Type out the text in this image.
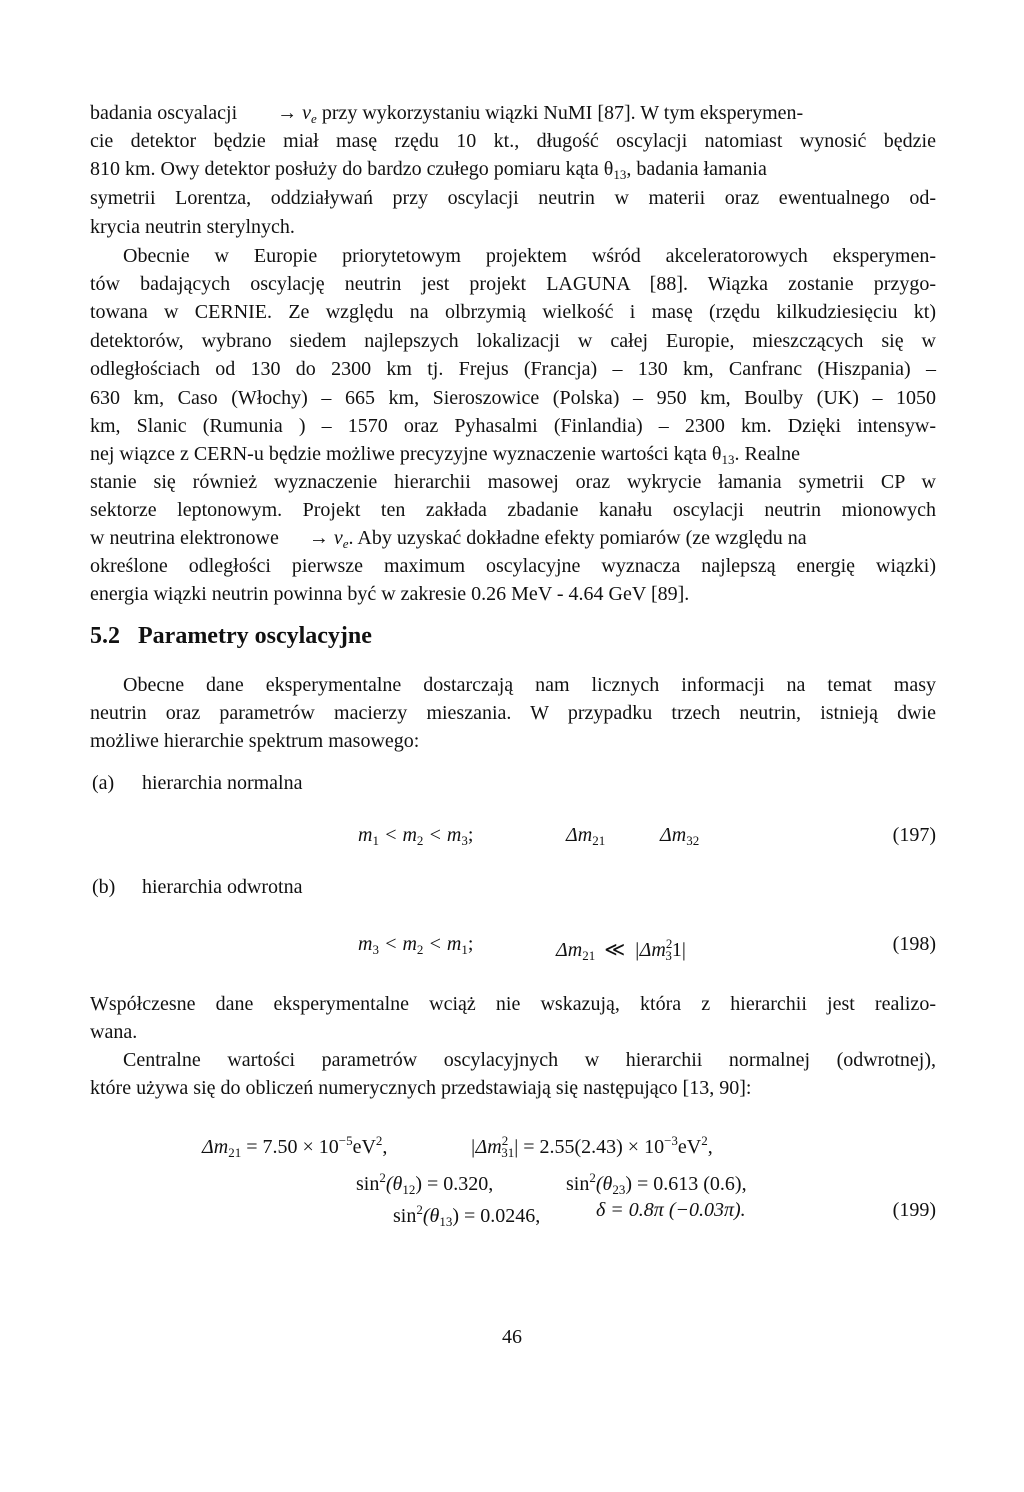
badania oscyalacji → $\nu_e$ przy wykorzystaniu wiązki NuMI [87]. W tym eksperymen-
cie detektor będzie miał masę rzędu 10 kt., długość oscylacji natomiast wynosić będzie
810 km. Owy detektor posłuży do bardzo czułego pomiaru kąta $\theta_{13}$, badania łamania
symetrii Lorentza, oddziaływań przy oscylacji neutrin w materii oraz ewentualnego od-
krycia neutrin sterylnych.
Obecnie w Europie priorytetowym projektem wśród akceleratorowych eksperymen-
tów badających oscylację neutrin jest projekt LAGUNA [88]. Wiązka zostanie przygo-
towana w CERNIE. Ze względu na olbrzymią wielkość i masę (rzędu kilkudziesięciu kt)
detektorów, wybrano siedem najlepszych lokalizacji w całej Europie, mieszczących się w
odległościach od 130 do 2300 km tj. Frejus (Francja) – 130 km, Canfranc (Hiszpania) –
630 km, Caso (Włochy) – 665 km, Sieroszowice (Polska) – 950 km, Boulby (UK) – 1050
km, Slanic (Rumunia ) – 1570 oraz Pyhasalmi (Finlandia) – 2300 km. Dzięki intensyw-
nej wiązce z CERN-u będzie możliwe precyzyjne wyznaczenie wartości kąta $\theta_{13}$. Realne
stanie się również wyznaczenie hierarchii masowej oraz wykrycie łamania symetrii CP w
sektorze leptonowym. Projekt ten zakłada zbadanie kanału oscylacji neutrin mionowych
w neutrina elektronowe → $\nu_e$. Aby uzyskać dokładne efekty pomiarów (ze względu na
określone odległości pierwsze maximum oscylacyjne wyznacza najlepszą energię wiązki)
energia wiązki neutrin powinna być w zakresie 0.26 MeV - 4.64 GeV [89].
5.2 Parametry oscylacyjne
Obecne dane eksperymentalne dostarczają nam licznych informacji na temat masy
neutrin oraz parametrów macierzy mieszania. W przypadku trzech neutrin, istnieją dwie
możliwe hierarchie spektrum masowego:
(a) hierarchia normalna
$m_1 < m_2 < m_3$;	$\Delta m_{21}$	$\Delta m_{32}$	(197)
(b) hierarchia odwrotna
$m_3 < m_2 < m_1$;	$\Delta m_{21}$ ≪ $|\Delta m^2_31|$	(198)
Współczesne dane eksperymentalne wciąż nie wskazują, która z hierarchii jest realizo-
wana.
Centralne wartości parametrów oscylacyjnych w hierarchii normalnej (odwrotnej),
które używa się do obliczeń numerycznych przedstawiają się następująco [13, 90]:
$\Delta m_{21} = 7.50 \times 10^{-5}eV^2$,	$|\Delta m^2_{31}| = 2.55(2.43) \times 10^{-3}eV^2$,
$\sin^2(\theta_{12}) = 0.320$,	$\sin^2(\theta_{23}) = 0.613$ (0.6),
$\sin^2(\theta_{13}) = 0.0246$,	δ = 0.8π (−0.03π).	(199)
46
